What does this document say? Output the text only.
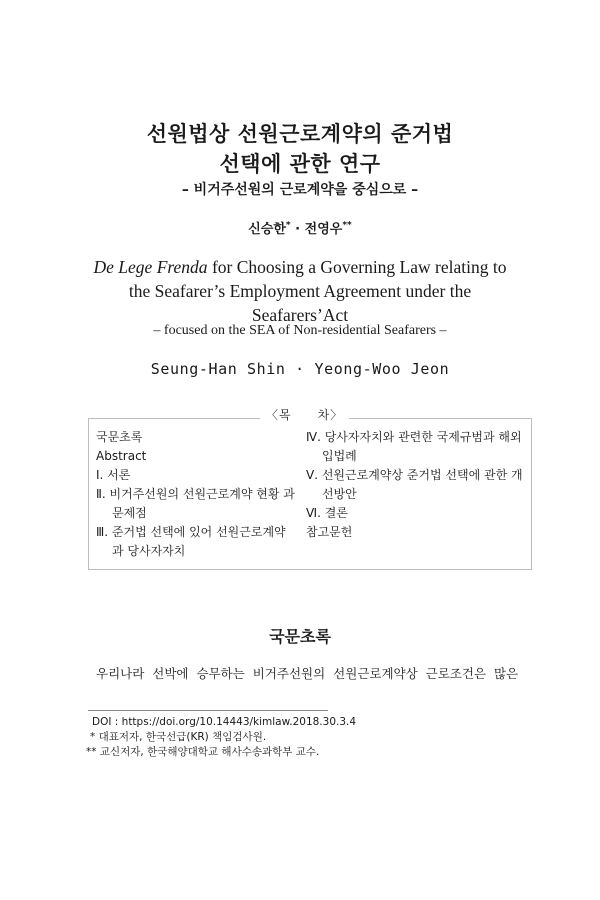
선원법상 선원근로계약의 준거법
선택에 관한 연구
– 비거주선원의 근로계약을 중심으로 –
신승한* · 전영우**
De Lege Frenda for Choosing a Governing Law relating to the Seafarer’s Employment Agreement under the Seafarers’Act
– focused on the SEA of Non-residential Seafarers –
Seung-Han Shin · Yeong-Woo Jeon
〈목　　차〉
국문초록
Abstract
Ⅰ. 서론
Ⅱ. 비거주선원의 선원근로계약 현황 과 문제점
Ⅲ. 준거법 선택에 있어 선원근로계약 과 당사자자치
Ⅳ. 당사자자치와 관련한 국제규범과 해외입법례
Ⅴ. 선원근로계약상 준거법 선택에 관한 개선방안
Ⅵ. 결론
참고문헌
국문초록
우리나라 선박에 승무하는 비거주선원의 선원근로계약상 근로조건은 많은
DOI : https://doi.org/10.14443/kimlaw.2018.30.3.4
* 대표저자, 한국선급(KR) 책임검사원.
** 교신저자, 한국해양대학교 해사수송과학부 교수.
